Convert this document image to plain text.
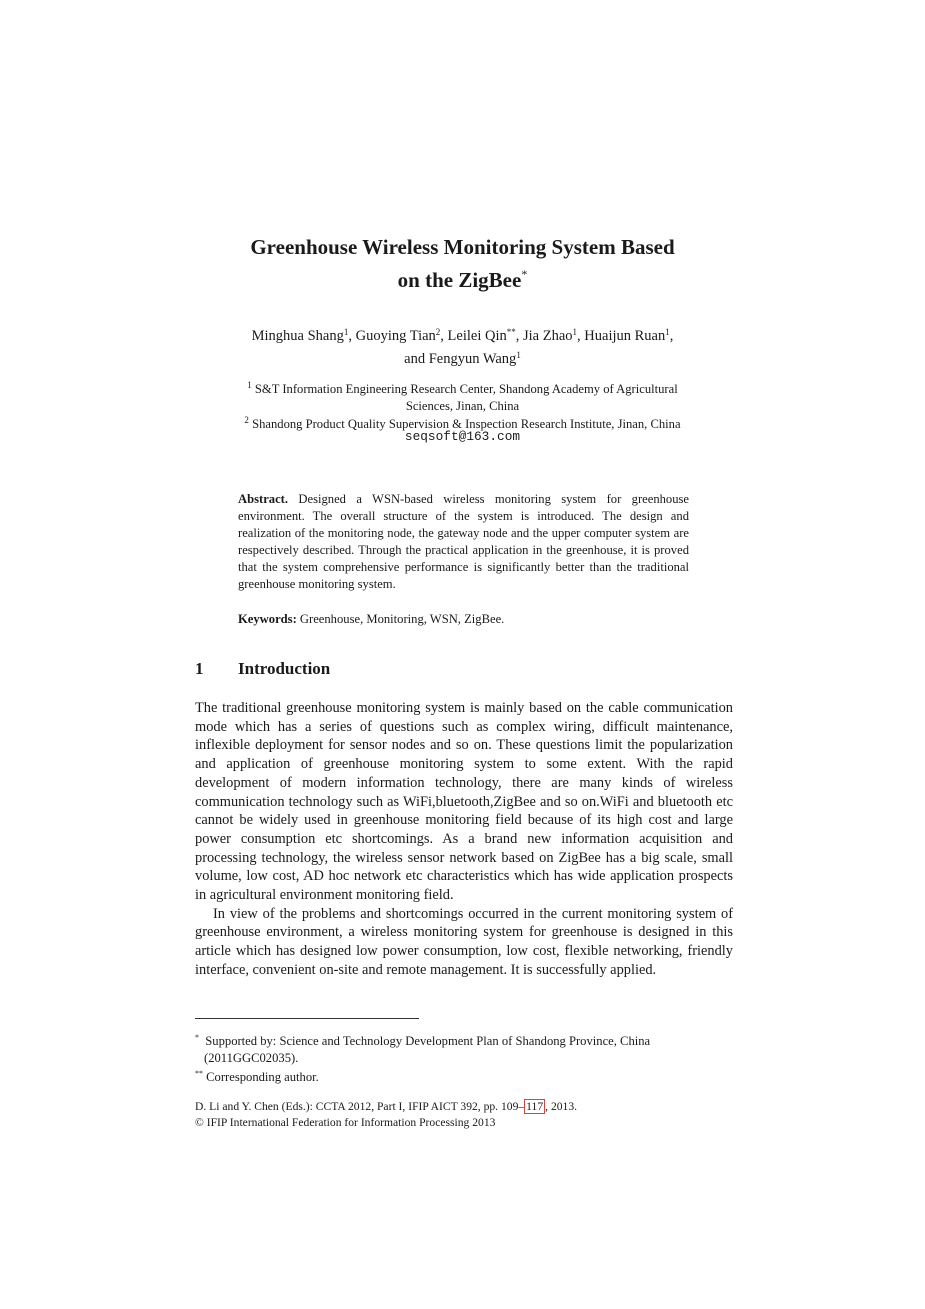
Greenhouse Wireless Monitoring System Based
on the ZigBee*
Minghua Shang$^1$, Guoying Tian$^2$, Leilei Qin**, Jia Zhao$^1$, Huaijun Ruan$^1$,
and Fengyun Wang$^1$
$^1$ S&T Information Engineering Research Center, Shandong Academy of Agricultural
Sciences, Jinan, China
$^2$ Shandong Product Quality Supervision & Inspection Research Institute, Jinan, China
seqsoft@163.com
Abstract. Designed a WSN-based wireless monitoring system for greenhouse environment. The overall structure of the system is introduced. The design and realization of the monitoring node, the gateway node and the upper computer system are respectively described. Through the practical application in the greenhouse, it is proved that the system comprehensive performance is significantly better than the traditional greenhouse monitoring system.
Keywords: Greenhouse, Monitoring, WSN, ZigBee.
1 Introduction

The traditional greenhouse monitoring system is mainly based on the cable communication mode which has a series of questions such as complex wiring, difficult maintenance, inflexible deployment for sensor nodes and so on. These questions limit the popularization and application of greenhouse monitoring system to some extent. With the rapid development of modern information technology, there are many kinds of wireless communication technology such as WiFi,bluetooth,ZigBee and so on.WiFi and bluetooth etc cannot be widely used in greenhouse monitoring field because of its high cost and large power consumption etc shortcomings. As a brand new information acquisition and processing technology, the wireless sensor network based on ZigBee has a big scale, small volume, low cost, AD hoc network etc characteristics which has wide application prospects in agricultural environment monitoring field.

In view of the problems and shortcomings occurred in the current monitoring system of greenhouse environment, a wireless monitoring system for greenhouse is designed in this article which has designed low power consumption, low cost, flexible networking, friendly interface, convenient on-site and remote management. It is successfully applied.

* Supported by: Science and Technology Development Plan of Shandong Province, China
(2011GGC02035).
** Corresponding author.
D. Li and Y. Chen (Eds.): CCTA 2012, Part I, IFIP AICT 392, pp. 109– 117 , 2013.
© IFIP International Federation for Information Processing 2013
